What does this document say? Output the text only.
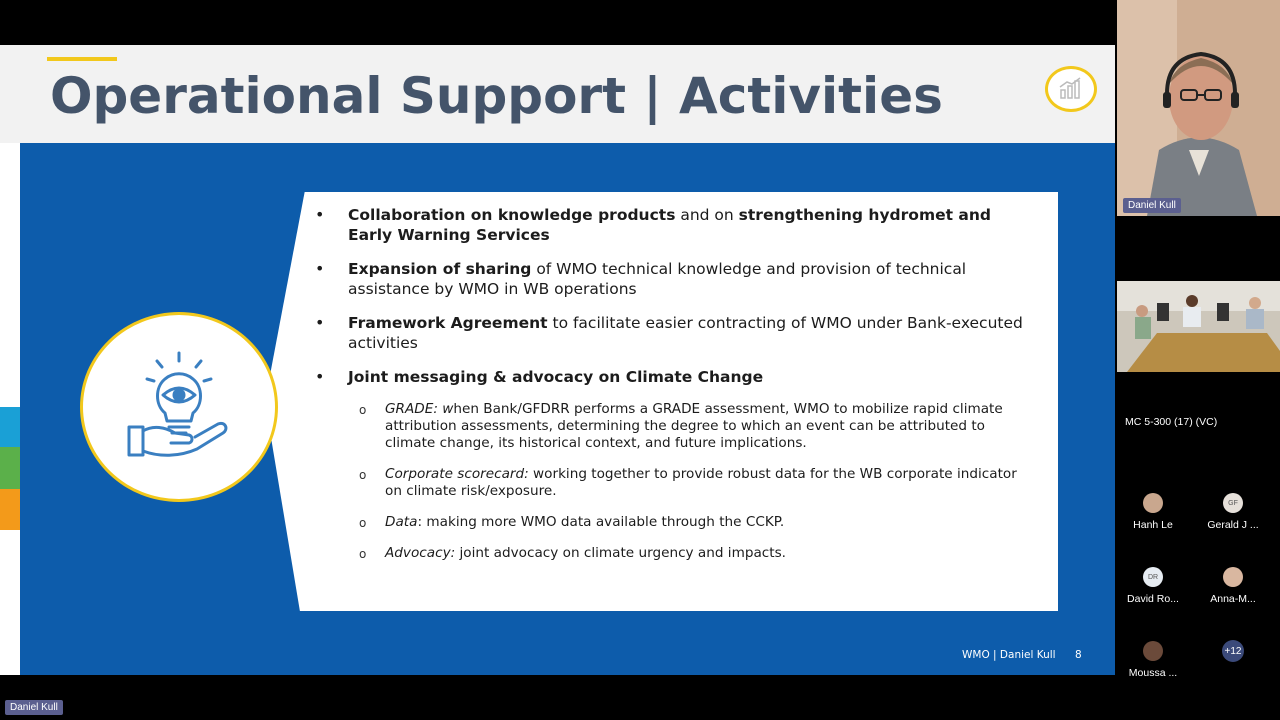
Operational Support | Activities
• Collaboration on knowledge products and on strengthening hydromet and Early Warning Services
• Expansion of sharing of WMO technical knowledge and provision of technical assistance by WMO in WB operations
• Framework Agreement to facilitate easier contracting of WMO under Bank-executed activities
• Joint messaging & advocacy on Climate Change
o GRADE: when Bank/GFDRR performs a GRADE assessment, WMO to mobilize rapid climate attribution assessments, determining the degree to which an event can be attributed to climate change, its historical context, and future implications.
o Corporate scorecard: working together to provide robust data for the WB corporate indicator on climate risk/exposure.
o Data: making more WMO data available through the CCKP.
o Advocacy: joint advocacy on climate urgency and impacts.
WMO | Daniel Kull 8
Daniel Kull
MC 5-300 (17) (VC)
Hanh Le
GF
Gerald J ...
DR
David Ro...	Anna-M...
Moussa ...
+12
Daniel Kull
